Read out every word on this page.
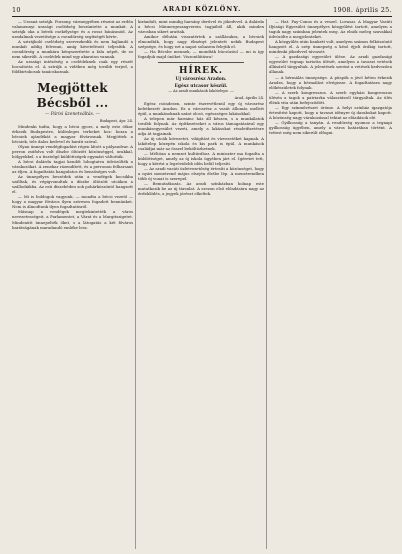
10	ARADI KÖZLÖNY.	1908. április 25.

— Urasná sztrájk. Pozsony, vármegyében részint az erdőn valamennyi urasági cselédség beszüntette a munkát. A sztrájk oka a bérek csekélysége és a rossz bánásmód. Az uradalmak vezetősége a csendőrség segítségét kérte.

A sztrájkoló cselédség szervezkedik és nem hajlandó a munkát addig felvenni, amíg követeléseit teljesítik. A csendőrség a munkára kényszerítette a falu népét, de ez nem sikerült. A cselédek mind egy akaraton vannak.

Az urasági intézőség a cselédeknek csak egy részét bocsátotta el. A sztrájk a vidéken még tovább terjed, a földbirtokosok tanácskoznak.

Megjöttek Bécsből ...
— Párisi üzenetváltás. —
Budapest, ápr. 24.

Mindenki tudta, hogy a bécsi gyors, a mely este ötkor érkezik Budapestre, különleges terheket hoz: hozza a bécsiek ajándékát a magyar fővárosnak. Megjöttek a bécsiek, tele dalos kedvvel és baráti szóval.

Olyan ünnepi vendégfogadást régen látott a pályaudvar. A perron zsúfolva volt díszbe öltözött közönséggel, urakkal, hölgyekkel, s a tisztelgő küldöttségek egymást váltották.

A bécsi dalárda tagjai kendőt lobogtatva üdvözölték a várakozókat. A zenekar rázendített, és a perronon felharsant az éljen. A fogadtatás hangulatos és bensőséges volt.

Az ünnepélyes beszédek után a vendégek kocsikba szálltak, és végigvonultak a díszbe öltözött utcákon a szállodáikba. Az esti díszebéden sok pohárköszöntő hangzott el.

— Mi is boldogok vagyunk, — mondta a bécsi vezető — hogy a magyar főváros ilyen szívesen fogadott bennünket. Nem is álmodtunk ilyen fogadtatásról.

Másnap a vendégek megtekintették a város nevezetességeit, a Parlamentet, a Várat és a Margitszigetet. Mindenütt ünnepelték őket, s a látogatás a két főváros barátságának maradandó emléke lesz.

kirándult, mint mindig harsány derűvel és jókedvvel. A dalárda a bécsi Männergesangverein tagjaiból áll, akik minden városban sikert arattak.

Amikor délután visszatértek a szállásukra, a bécsiek elmondták, hogy nagy élményt jelentett nekik Budapest szépsége, és hogy ezt a napot sohasem felejtik el.

— Ha Bécsbe mennek, — mondták búcsúzóul — mi is így fogadjuk majd önöket. Viszontlátásra!

HÍREK.
Uj városrész Aradon.
Egész utcasor készül.
— Az aradi munkások lakótelepe. —
Arad, április 24.

Egész csöndesen, szinte észrevétlenül egy új városrész keletkezett Aradon. Ez a városrész a vasút állomás mellett épül, a munkásoknak szánt olcsó, egészséges lakásokkal.

A telepen már harminc ház áll készen, s a munkálatok tovább folynak. Az építkezéseket a város támogatásával egy munkásegyesület vezeti, amely a lakásokat részletfizetésre adja át tagjainak.

Az új utcák kövezetet, világítást és vízvezetéket kapnak. A lakótelep közepén iskola és kis park is épül. A munkások családjai már az ősszel beköltözhetnek.

— Méltóan a nemzet kultúrához. A miniszter ma fogadta a küldöttséget, amely az új iskola ügyében járt el. Ígéretet tett, hogy a kérést a legrövidebb időn belül teljesíti.

— Az aradi vasúti üzletvezetőség értesíti a közönséget, hogy a nyári menetrend május elsején életbe lép. A menetrendben több új vonat is szerepel.

— Bemutatkozás. Az aradi színházban holnap este mutatkozik be az új társulat. A szezon első előadására nagy az érdeklődés, a jegyek jórészt elkeltek.

— Hat. Fay-Conus és a veszel. Lovasai. A Magyar Vasúti Ifjúsági Egyesület ünnepélyes közgyűlést tartott, amelyen a tagok nagy számban jelentek meg. Az elnök meleg szavakkal üdvözölte a megjelenteket.

A közgyűlés után bankett volt, amelyen számos felköszöntő hangzott el. A szép ünnepség a késő éjjeli órákig tartott, mindenki jókedvvel távozott.

— A gazdasági egyesület ülése. Az aradi gazdasági egyesület tegnap tartotta ülését, amelyen a tavaszi vetések állásáról tárgyaltak. A jelentések szerint a vetések kedvezően állanak.

— A bérmálás ünnepsége. A püspök a jövő héten érkezik Aradra, hogy a bérmálást elvégezze. A fogadtatásra nagy előkészületek folynak.

— A szerb kongresszus. A szerb egyházi kongresszus ülésén a tagok a patriarka választásról tárgyaltak. Az ülés élénk vita után befejeződött.

— Egy színművészet öröme. A helyi színház igazgatója értesítést kapott, hogy a tavaszi idényre új darabokat kapott. A közönség nagy várakozással tekint az előadások elé.

— Gyilkosság a tanyán. A rendőrség nyomoz a tegnapi gyilkosság ügyében, amely a város határában történt. A tettest még nem sikerült elfogni.
